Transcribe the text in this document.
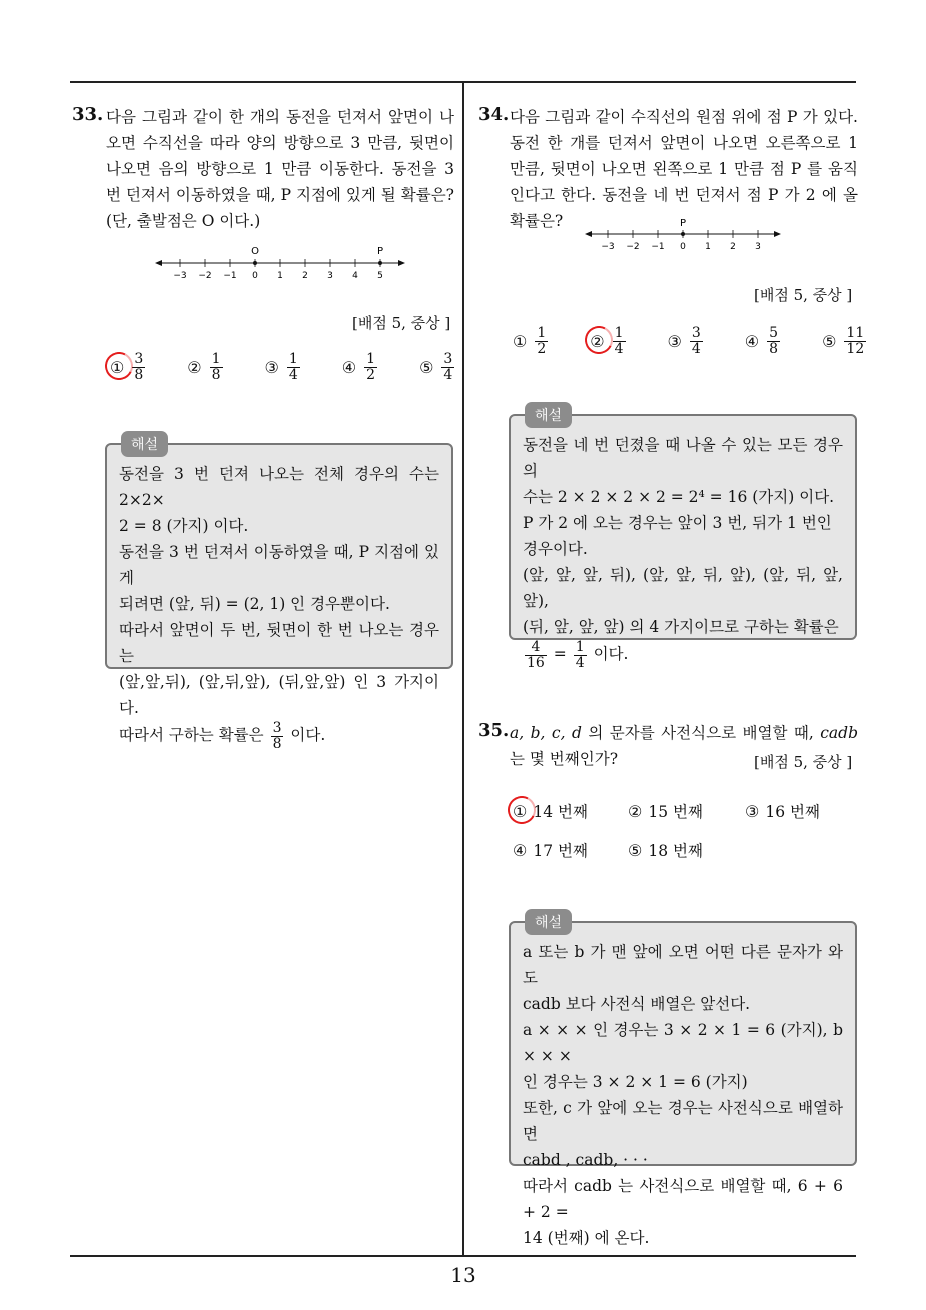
13
33. 다음 그림과 같이 한 개의 동전을 던져서 앞면이 나오면 수직선을 따라 양의 방향으로 3 만큼, 뒷면이 나오면 음의 방향으로 1 만큼 이동한다. 동전을 3 번 던져서 이동하였을 때, P 지점에 있게 될 확률은? (단, 출발점은 O 이다.)
−3 −2 −1 0 1 2 3 4 5
O	P
[배점 5, 중상 ]
① $\frac{3}{8}$	② $\frac{1}{8}$	③ $\frac{1}{4}$	④ $\frac{1}{2}$	⑤ $\frac{3}{4}$
해설
동전을 3 번 던져 나오는 전체 경우의 수는 2×2×
2 = 8 (가지) 이다.
동전을 3 번 던져서 이동하였을 때, P 지점에 있게
되려면 (앞, 뒤) = (2, 1) 인 경우뿐이다.
따라서 앞면이 두 번, 뒷면이 한 번 나오는 경우는
(앞,앞,뒤), (앞,뒤,앞), (뒤,앞,앞) 인 3 가지이다.
따라서 구하는 확률은 $\frac{3}{8}$ 이다.
34. 다음 그림과 같이 수직선의 원점 위에 점 P 가 있다. 동전 한 개를 던져서 앞면이 나오면 오른쪽으로 1 만큼, 뒷면이 나오면 왼쪽으로 1 만큼 점 P 를 움직인다고 한다. 동전을 네 번 던져서 점 P 가 2 에 올 확률은?
−3 −2 −1 0 1 2 3
P
[배점 5, 중상 ]
① $\frac{1}{2}$	② $\frac{1}{4}$	③ $\frac{3}{4}$	④ $\frac{5}{8}$	⑤ $\frac{11}{12}$
해설
동전을 네 번 던졌을 때 나올 수 있는 모든 경우의
수는 2 × 2 × 2 × 2 = 2⁴ = 16 (가지) 이다.
P 가 2 에 오는 경우는 앞이 3 번, 뒤가 1 번인
경우이다.
(앞, 앞, 앞, 뒤), (앞, 앞, 뒤, 앞), (앞, 뒤, 앞, 앞),
(뒤, 앞, 앞, 앞) 의 4 가지이므로 구하는 확률은
$\frac{4}{16} = \frac{1}{4}$ 이다.
35. a, b, c, d 의 문자를 사전식으로 배열할 때, cadb 는 몇 번째인가?	[배점 5, 중상 ]
① 14 번째	② 15 번째	③ 16 번째
④ 17 번째	⑤ 18 번째
해설
a 또는 b 가 맨 앞에 오면 어떤 다른 문자가 와도
cadb 보다 사전식 배열은 앞선다.
a × × × 인 경우는 3 × 2 × 1 = 6 (가지), b × × ×
인 경우는 3 × 2 × 1 = 6 (가지)
또한, c 가 앞에 오는 경우는 사전식으로 배열하면
cabd , cadb, · · ·
따라서 cadb 는 사전식으로 배열할 때, 6 + 6 + 2 =
14 (번째) 에 온다.
